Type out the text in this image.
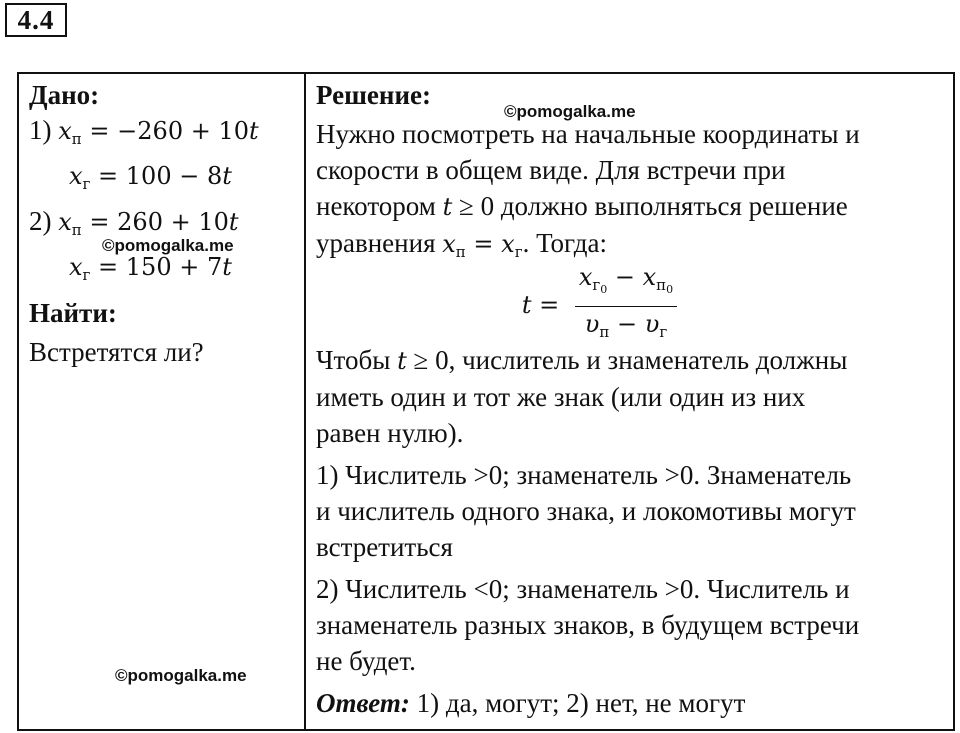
4.4
Дано:
1) $x_п = -260 + 10t$
$x_г = 100 - 8t$
2) $x_п = 260 + 10t$
$x_г = 150 + 7t$
Найти:
Встретятся ли?
©pomogalka.me
©pomogalka.me
Решение:
©pomogalka.me
Нужно посмотреть на начальные координаты и
скорости в общем виде. Для встречи при
некотором t ≥ 0 должно выполняться решение
уравнения $x_п = x_г$. Тогда:
$t = \frac{x_{г_0} - x_{п_0}}{\upsilon_п - \upsilon_г}$
Чтобы t ≥ 0, числитель и знаменатель должны
иметь один и тот же знак (или один из них
равен нулю).
1) Числитель >0; знаменатель >0. Знаменатель
и числитель одного знака, и локомотивы могут
встретиться
2) Числитель <0; знаменатель >0. Числитель и
знаменатель разных знаков, в будущем встречи
не будет.
Ответ: 1) да, могут; 2) нет, не могут
